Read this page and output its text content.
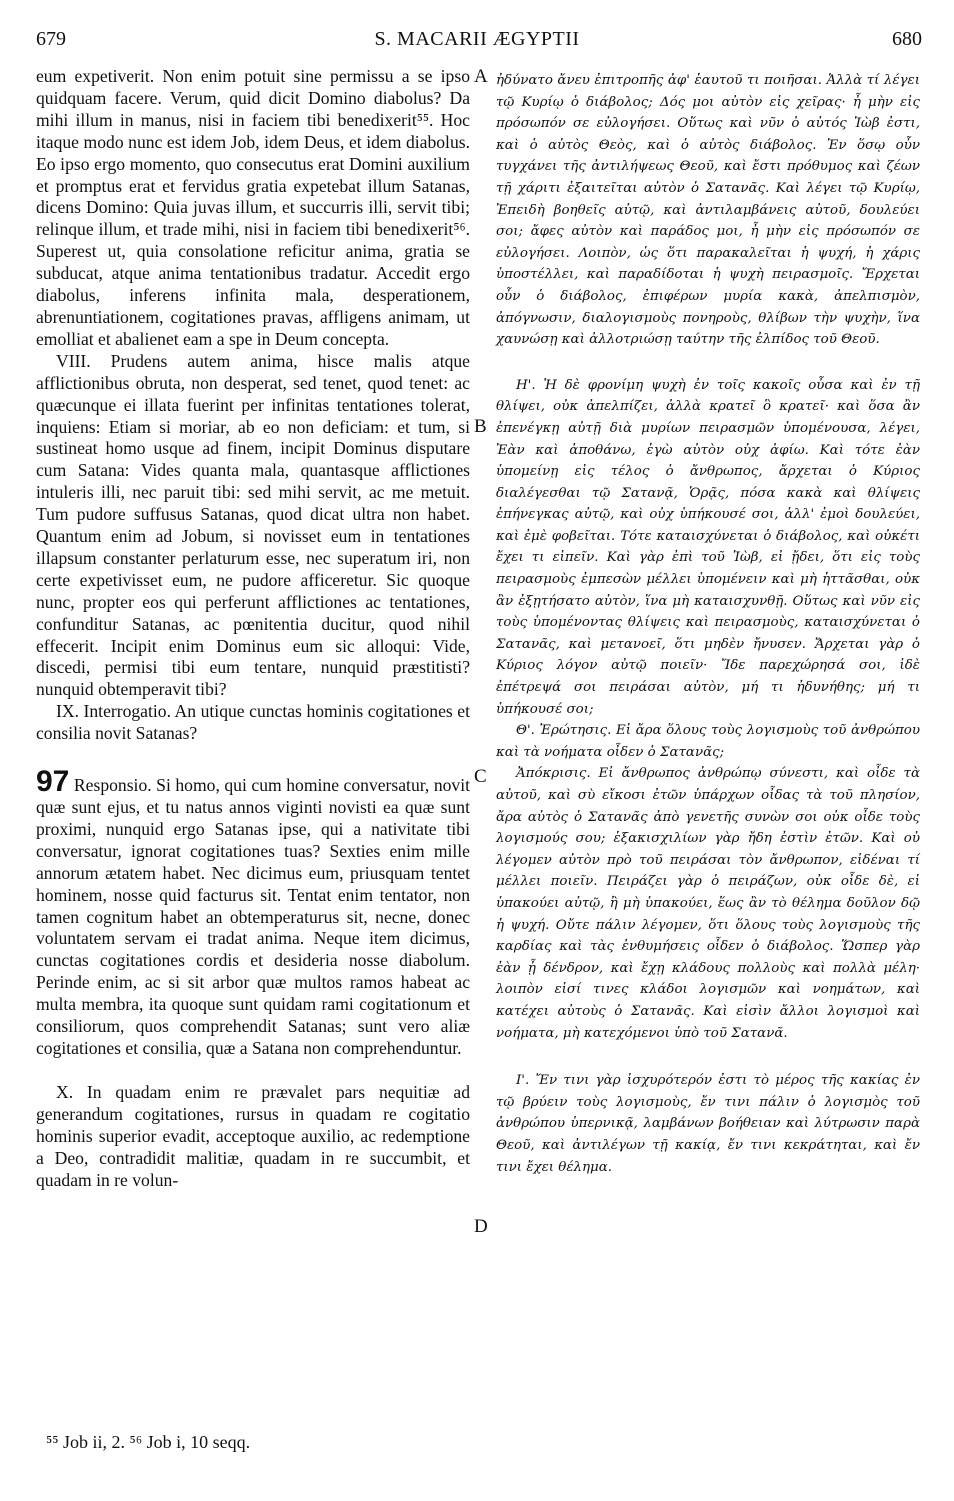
679	S. MACARII ÆGYPTII	680

eum expetiverit. Non enim potuit sine permissu a se ipso quidquam facere. Verum, quid dicit Domino diabolus? Da mihi illum in manus, nisi in faciem tibi benedixerit⁵⁵. Hoc itaque modo nunc est idem Job, idem Deus, et idem diabolus. Eo ipso ergo momento, quo consecutus erat Domini auxilium et promptus erat et fervidus gratia expetebat illum Satanas, dicens Domino: Quia juvas illum, et succurris illi, servit tibi; relinque illum, et trade mihi, nisi in faciem tibi benedixerit⁵⁶. Superest ut, quia consolatione reficitur anima, gratia se subducat, atque anima tentationibus tradatur. Accedit ergo diabolus, inferens infinita mala, desperationem, abrenuntiationem, cogitationes pravas, affligens animam, ut emolliat et abalienet eam a spe in Deum concepta.

VIII. Prudens autem anima, hisce malis atque afflictionibus obruta, non desperat, sed tenet, quod tenet: ac quæcunque ei illata fuerint per infinitas tentationes tolerat, inquiens: Etiam si moriar, ab eo non deficiam: et tum, si sustineat homo usque ad finem, incipit Dominus disputare cum Satana: Vides quanta mala, quantasque afflictiones intuleris illi, nec paruit tibi: sed mihi servit, ac me metuit. Tum pudore suffusus Satanas, quod dicat ultra non habet. Quantum enim ad Jobum, si novisset eum in tentationes illapsum constanter perlaturum esse, nec superatum iri, non certe expetivisset eum, ne pudore afficeretur. Sic quoque nunc, propter eos qui perferunt afflictiones ac tentationes, confunditur Satanas, ac pœnitentia ducitur, quod nihil effecerit. Incipit enim Dominus eum sic alloqui: Vide, discedi, permisi tibi eum tentare, nunquid præstitisti? nunquid obtemperavit tibi?

IX. Interrogatio. An utique cunctas hominis cogitationes et consilia novit Satanas?

97 Responsio. Si homo, qui cum homine conversatur, novit quæ sunt ejus, et tu natus annos viginti novisti ea quæ sunt proximi, nunquid ergo Satanas ipse, qui a nativitate tibi conversatur, ignorat cogitationes tuas? Sexties enim mille annorum ætatem habet. Nec dicimus eum, priusquam tentet hominem, nosse quid facturus sit. Tentat enim tentator, non tamen cognitum habet an obtemperaturus sit, necne, donec voluntatem servam ei tradat anima. Neque item dicimus, cunctas cogitationes cordis et desideria nosse diabolum. Perinde enim, ac si sit arbor quæ multos ramos habeat ac multa membra, ita quoque sunt quidam rami cogitationum et consiliorum, quos comprehendit Satanas; sunt vero aliæ cogitationes et consilia, quæ a Satana non comprehenduntur.

X. In quadam enim re prævalet pars nequitiæ ad generandum cogitationes, rursus in quadam re cogitatio hominis superior evadit, acceptoque auxilio, ac redemptione a Deo, contradidit malitiæ, quadam in re succumbit, et quadam in re volun-

ἠδύνατο ἄνευ ἐπιτροπῆς ἀφ' ἑαυτοῦ τι ποιῆσαι. Ἀλλὰ τί λέγει τῷ Κυρίῳ ὁ διάβολος; Δός μοι αὐτὸν εἰς χεῖρας· ἦ μὴν εἰς πρόσωπόν σε εὐλογήσει. Οὕτως καὶ νῦν ὁ αὐτός Ἰὼβ ἐστι, καὶ ὁ αὐτὸς Θεὸς, καὶ ὁ αὐτὸς διάβολος. Ἐν ὅσῳ οὖν τυγχάνει τῆς ἀντιλήψεως Θεοῦ, καὶ ἔστι πρόθυμος καὶ ζέων τῇ χάριτι ἐξαιτεῖται αὐτὸν ὁ Σατανᾶς. Καὶ λέγει τῷ Κυρίῳ, Ἐπειδὴ βοηθεῖς αὐτῷ, καὶ ἀντιλαμβάνεις αὐτοῦ, δουλεύει σοι; ἄφες αὐτὸν καὶ παράδος μοι, ἦ μὴν εἰς πρόσωπόν σε εὐλογήσει. Λοιπὸν, ὡς ὅτι παρακαλεῖται ἡ ψυχή, ἡ χάρις ὑποστέλλει, καὶ παραδίδοται ἡ ψυχὴ πειρασμοῖς. Ἔρχεται οὖν ὁ διάβολος, ἐπιφέρων μυρία κακὰ, ἀπελπισμὸν, ἀπόγνωσιν, διαλογισμοὺς πονηροὺς, θλίβων τὴν ψυχὴν, ἵνα χαυνώσῃ καὶ ἀλλοτριώσῃ ταύτην τῆς ἐλπίδος τοῦ Θεοῦ.

Η'. Ἡ δὲ φρονίμη ψυχὴ ἐν τοῖς κακοῖς οὖσα καὶ ἐν τῇ θλίψει, οὐκ ἀπελπίζει, ἀλλὰ κρατεῖ ὃ κρατεῖ· καὶ ὅσα ἂν ἐπενέγκῃ αὐτῇ διὰ μυρίων πειρασμῶν ὑπομένουσα, λέγει, Ἐὰν καὶ ἀποθάνω, ἐγὼ αὐτὸν οὐχ ἀφίω. Καὶ τότε ἐὰν ὑπομείνῃ εἰς τέλος ὁ ἄνθρωπος, ἄρχεται ὁ Κύριος διαλέγεσθαι τῷ Σατανᾷ, Ὁρᾷς, πόσα κακὰ καὶ θλίψεις ἐπήνεγκας αὐτῷ, καὶ οὐχ ὑπήκουσέ σοι, ἀλλ' ἐμοὶ δουλεύει, καὶ ἐμὲ φοβεῖται. Τότε καταισχύνεται ὁ διάβολος, καὶ οὐκέτι ἔχει τι εἰπεῖν. Καὶ γὰρ ἐπὶ τοῦ Ἰὼβ, εἰ ᾔδει, ὅτι εἰς τοὺς πειρασμοὺς ἐμπεσὼν μέλλει ὑπομένειν καὶ μὴ ἡττᾶσθαι, οὐκ ἂν ἐξῃτήσατο αὐτὸν, ἵνα μὴ καταισχυνθῇ. Οὕτως καὶ νῦν εἰς τοὺς ὑπομένοντας θλίψεις καὶ πειρασμοὺς, καταισχύνεται ὁ Σατανᾶς, καὶ μετανοεῖ, ὅτι μηδὲν ἤνυσεν. Ἄρχεται γὰρ ὁ Κύριος λόγον αὐτῷ ποιεῖν· Ἴδε παρεχώρησά σοι, ἰδὲ ἐπέτρεψά σοι πειράσαι αὐτὸν, μή τι ἠδυνήθης; μή τι ὑπήκουσέ σοι;

Θ'. Ἐρώτησις. Εἰ ἄρα ὅλους τοὺς λογισμοὺς τοῦ ἀνθρώπου καὶ τὰ νοήματα οἶδεν ὁ Σατανᾶς;

Ἀπόκρισις. Εἰ ἄνθρωπος ἀνθρώπῳ σύνεστι, καὶ οἶδε τὰ αὐτοῦ, καὶ σὺ εἴκοσι ἐτῶν ὑπάρχων οἶδας τὰ τοῦ πλησίον, ἄρα αὐτὸς ὁ Σατανᾶς ἀπὸ γενετῆς συνὼν σοι οὐκ οἶδε τοὺς λογισμούς σου; ἑξακισχιλίων γὰρ ἤδη ἐστὶν ἐτῶν. Καὶ οὐ λέγομεν αὐτὸν πρὸ τοῦ πειράσαι τὸν ἄνθρωπον, εἰδέναι τί μέλλει ποιεῖν. Πειράζει γὰρ ὁ πειράζων, οὐκ οἶδε δὲ, εἰ ὑπακούει αὐτῷ, ἢ μὴ ὑπακούει, ἕως ἂν τὸ θέλημα δοῦλον δῷ ἡ ψυχή. Οὔτε πάλιν λέγομεν, ὅτι ὅλους τοὺς λογισμοὺς τῆς καρδίας καὶ τὰς ἐνθυμήσεις οἶδεν ὁ διάβολος. Ὥσπερ γὰρ ἐὰν ᾖ δένδρον, καὶ ἔχῃ κλάδους πολλοὺς καὶ πολλὰ μέλη· λοιπὸν εἰσί τινες κλάδοι λογισμῶν καὶ νοημάτων, καὶ κατέχει αὐτοὺς ὁ Σατανᾶς. Καὶ εἰσὶν ἄλλοι λογισμοὶ καὶ νοήματα, μὴ κατεχόμενοι ὑπὸ τοῦ Σατανᾶ.

Ι'. Ἔν τινι γὰρ ἰσχυρότερόν ἐστι τὸ μέρος τῆς κακίας ἐν τῷ βρύειν τοὺς λογισμοὺς, ἔν τινι πάλιν ὁ λογισμὸς τοῦ ἀνθρώπου ὑπερνικᾷ, λαμβάνων βοήθειαν καὶ λύτρωσιν παρὰ Θεοῦ, καὶ ἀντιλέγων τῇ κακίᾳ, ἔν τινι κεκράτηται, καὶ ἔν τινι ἔχει θέλημα.

A
B
C
D
⁵⁵ Job ii, 2. ⁵⁶ Job i, 10 seqq.
